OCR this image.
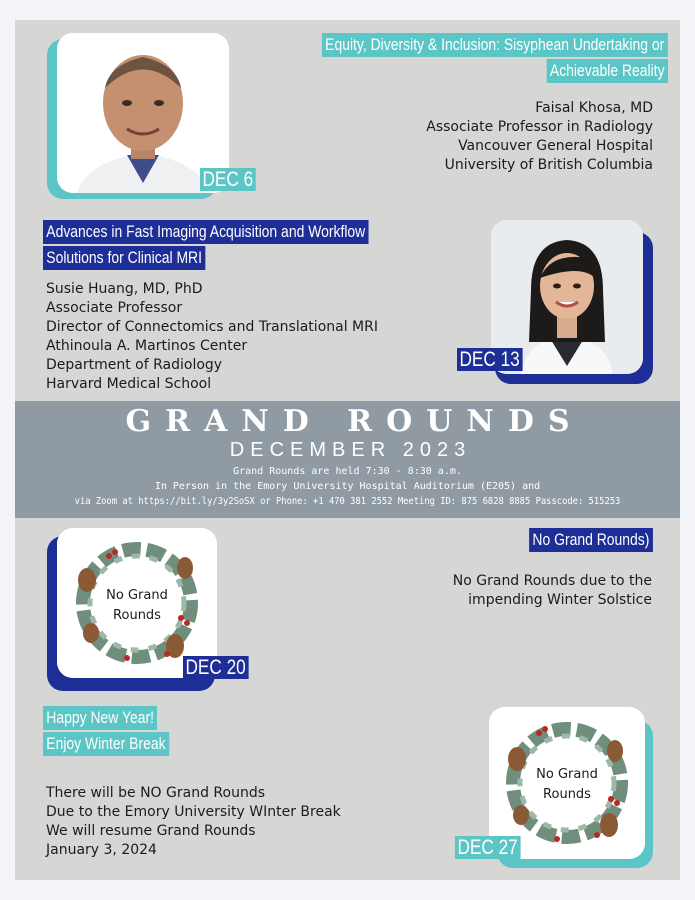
DEC 6
Equity, Diversity & Inclusion: Sisyphean Undertaking or
Achievable Reality
Faisal Khosa, MD
Associate Professor in Radiology
Vancouver General Hospital
University of British Columbia
Advances in Fast Imaging Acquisition and Workflow
Solutions for Clinical MRI
Susie Huang, MD, PhD
Associate Professor
Director of Connectomics and Translational MRI
Athinoula A. Martinos Center
Department of Radiology
Harvard Medical School
DEC 13
GRAND ROUNDS
DECEMBER 2023
Grand Rounds are held 7:30 - 8:30 a.m.
In Person in the Emory University Hospital Auditorium (E205) and
via Zoom at https://bit.ly/3y2SoSX or Phone: +1 470 381 2552 Meeting ID: 875 6828 8885 Passcode: 515253
No Grand
Rounds
DEC 20
No Grand Rounds)
No Grand Rounds due to the
impending Winter Solstice
Happy New Year!
Enjoy Winter Break
There will be NO Grand Rounds
Due to the Emory University WInter Break
We will resume Grand Rounds
January 3, 2024
No Grand
Rounds
DEC 27
